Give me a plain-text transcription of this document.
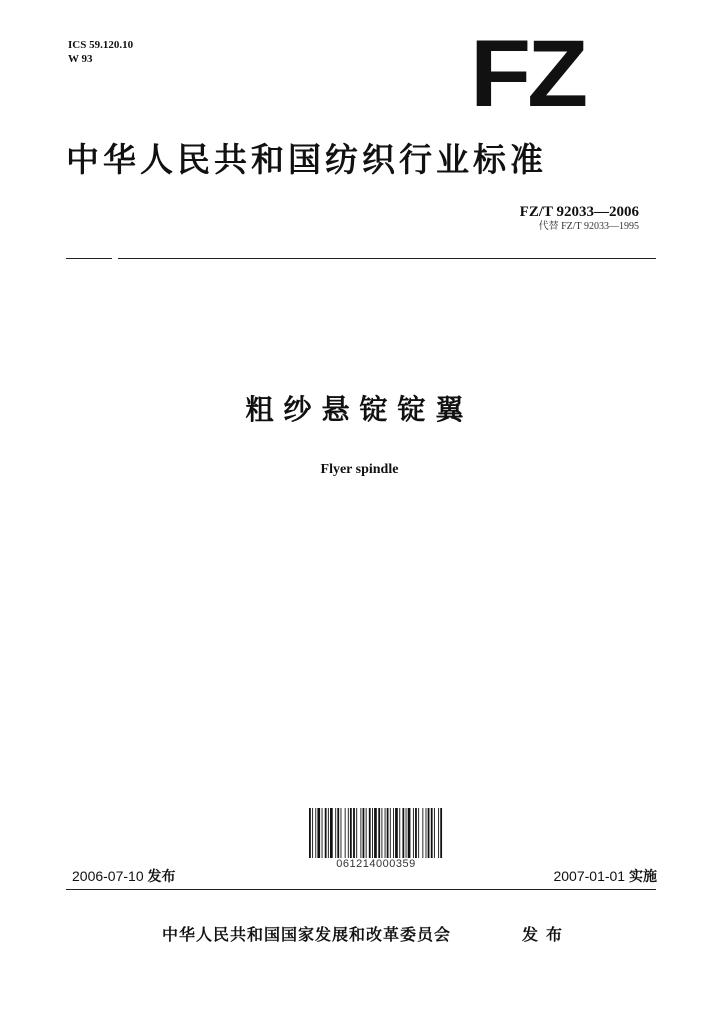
ICS 59.120.10
W 93	FZ
中华人民共和国纺织行业标准
FZ/T 92033—2006
代替 FZ/T 92033—1995
粗纱悬锭锭翼
Flyer spindle
061214000359
2006-07-10 发布	2007-01-01 实施
中华人民共和国国家发展和改革委员会	发布
